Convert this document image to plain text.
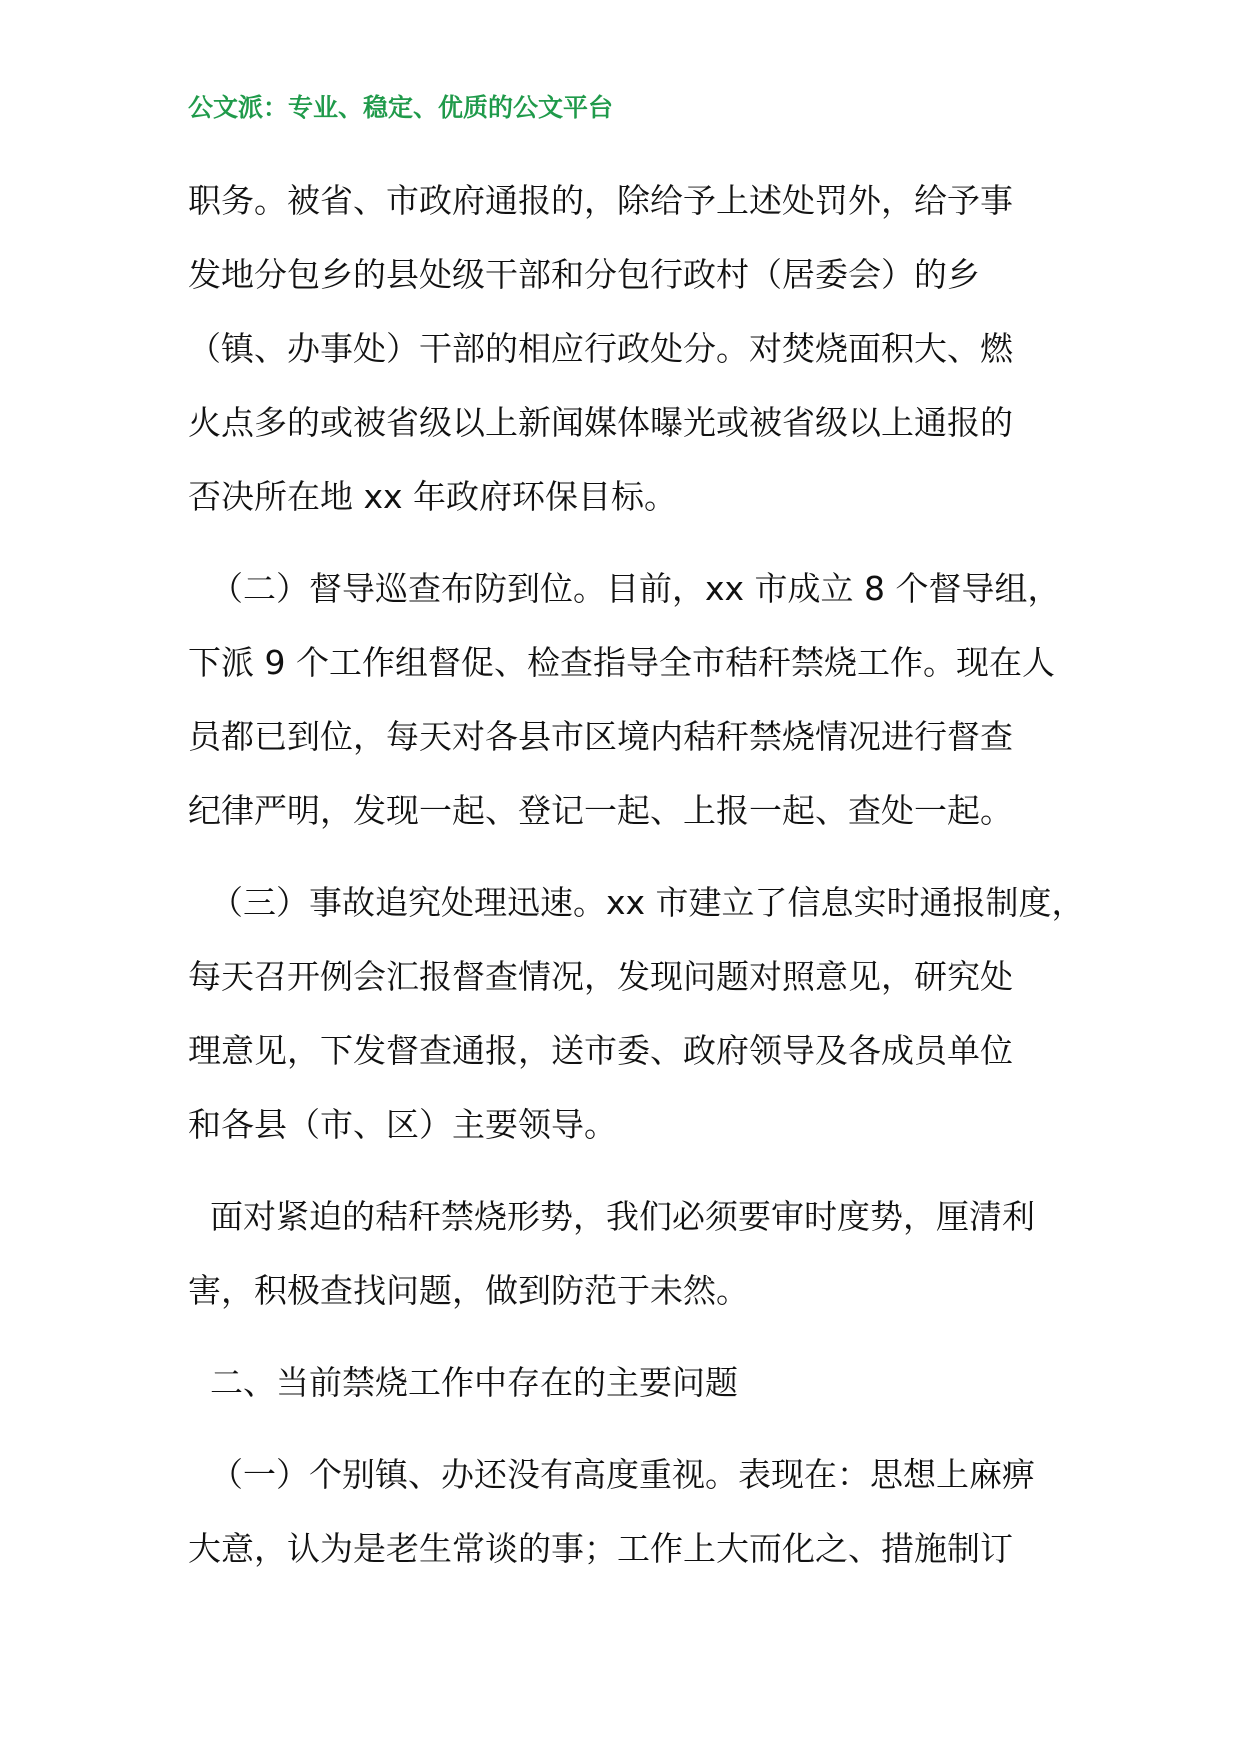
公文派：专业、稳定、优质的公文平台
职务。被省、市政府通报的，除给予上述处罚外，给予事
发地分包乡的县处级干部和分包行政村（居委会）的乡
（镇、办事处）干部的相应行政处分。对焚烧面积大、燃
火点多的或被省级以上新闻媒体曝光或被省级以上通报的
否决所在地 xx 年政府环保目标。
（二）督导巡查布防到位。目前，xx 市成立 8 个督导组，
下派 9 个工作组督促、检查指导全市秸秆禁烧工作。现在人
员都已到位，每天对各县市区境内秸秆禁烧情况进行督查
纪律严明，发现一起、登记一起、上报一起、查处一起。
（三）事故追究处理迅速。xx 市建立了信息实时通报制度，
每天召开例会汇报督查情况，发现问题对照意见，研究处
理意见，下发督查通报，送市委、政府领导及各成员单位
和各县（市、区）主要领导。
面对紧迫的秸秆禁烧形势，我们必须要审时度势，厘清利
害，积极查找问题，做到防范于未然。
二、当前禁烧工作中存在的主要问题
（一）个别镇、办还没有高度重视。表现在：思想上麻痹
大意，认为是老生常谈的事；工作上大而化之、措施制订
